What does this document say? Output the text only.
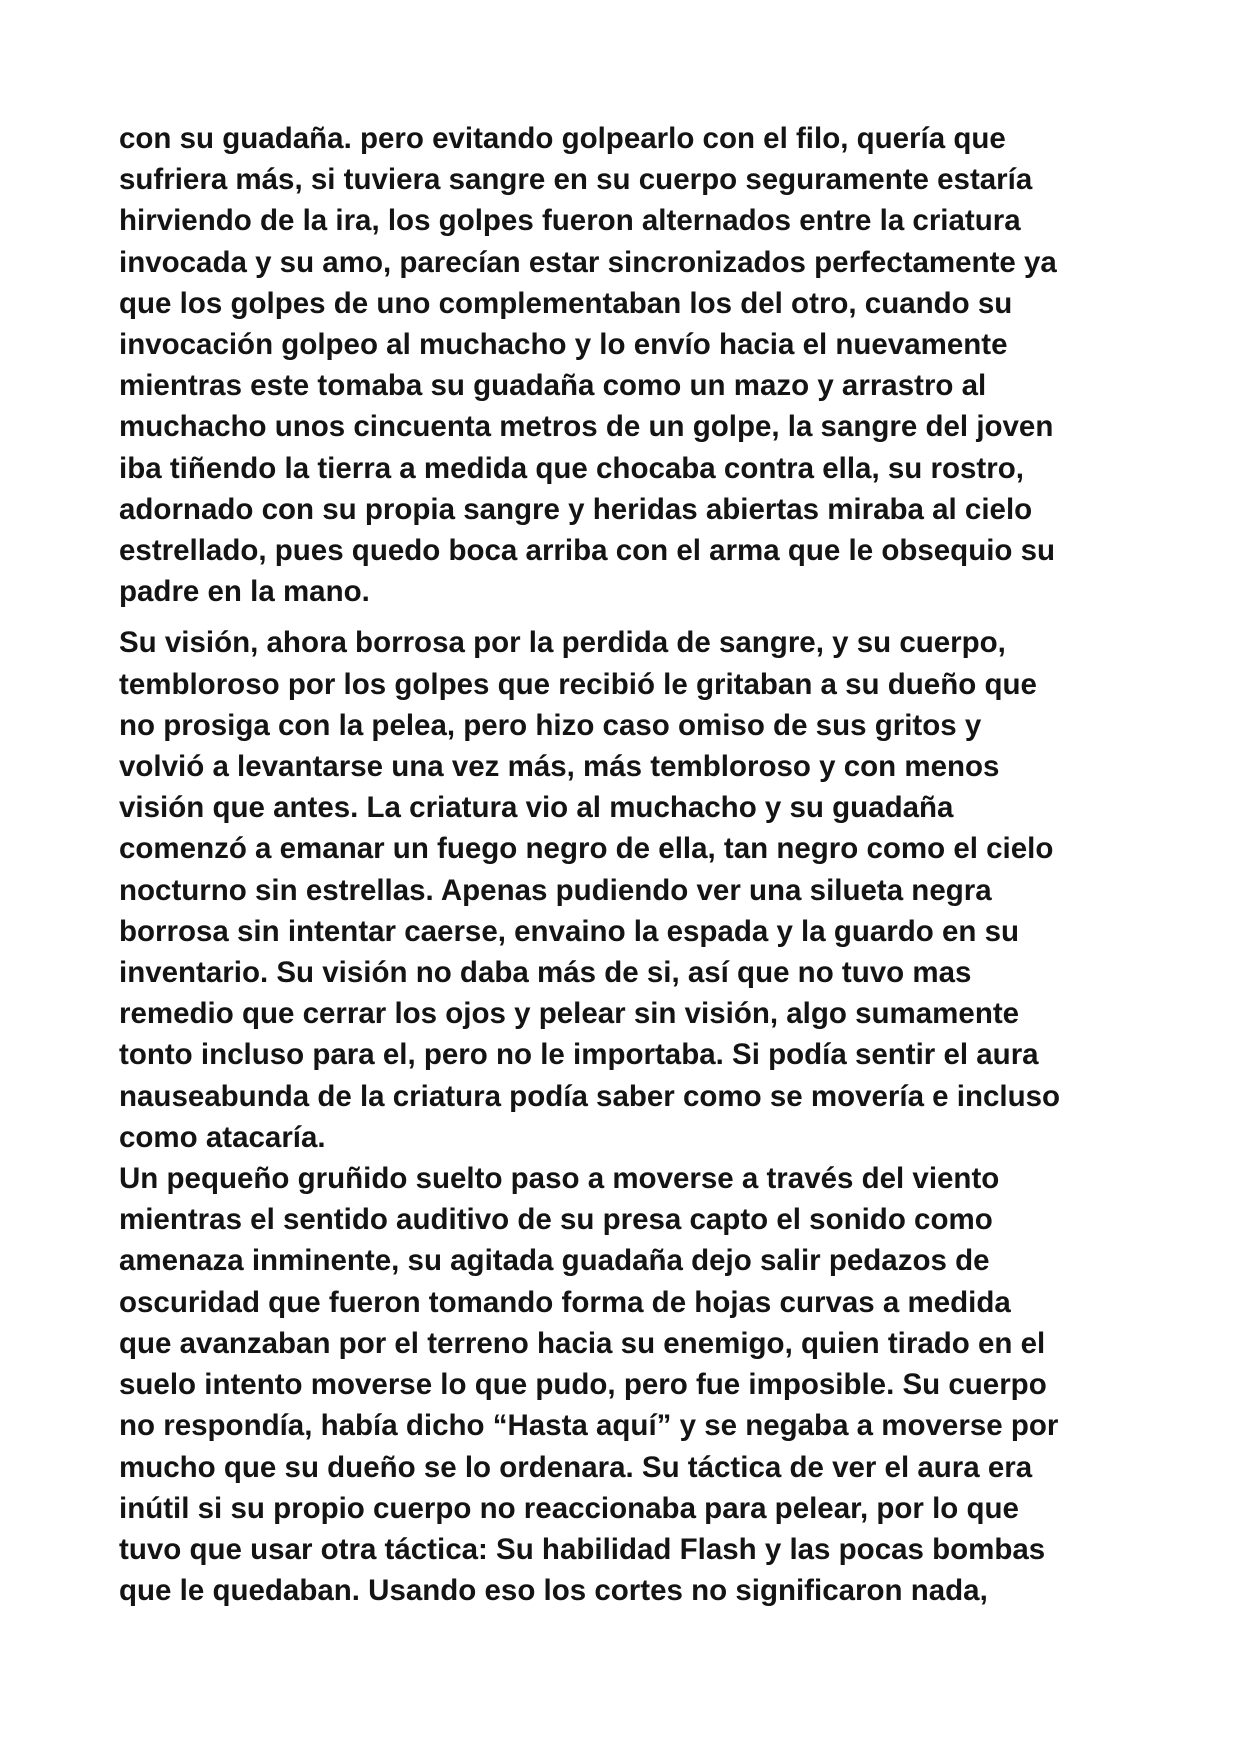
con su guadaña. pero evitando golpearlo con el filo, quería que
sufriera más, si tuviera sangre en su cuerpo seguramente estaría
hirviendo de la ira, los golpes fueron alternados entre la criatura
invocada y su amo, parecían estar sincronizados perfectamente ya
que los golpes de uno complementaban los del otro, cuando su
invocación golpeo al muchacho y lo envío hacia el nuevamente
mientras este tomaba su guadaña como un mazo y arrastro al
muchacho unos cincuenta metros de un golpe, la sangre del joven
iba tiñendo la tierra a medida que chocaba contra ella, su rostro,
adornado con su propia sangre y heridas abiertas miraba al cielo
estrellado, pues quedo boca arriba con el arma que le obsequio su
padre en la mano.

Su visión, ahora borrosa por la perdida de sangre, y su cuerpo,
tembloroso por los golpes que recibió le gritaban a su dueño que
no prosiga con la pelea, pero hizo caso omiso de sus gritos y
volvió a levantarse una vez más, más tembloroso y con menos
visión que antes. La criatura vio al muchacho y su guadaña
comenzó a emanar un fuego negro de ella, tan negro como el cielo
nocturno sin estrellas. Apenas pudiendo ver una silueta negra
borrosa sin intentar caerse, envaino la espada y la guardo en su
inventario. Su visión no daba más de si, así que no tuvo mas
remedio que cerrar los ojos y pelear sin visión, algo sumamente
tonto incluso para el, pero no le importaba. Si podía sentir el aura
nauseabunda de la criatura podía saber como se movería e incluso
como atacaría.

Un pequeño gruñido suelto paso a moverse a través del viento
mientras el sentido auditivo de su presa capto el sonido como
amenaza inminente, su agitada guadaña dejo salir pedazos de
oscuridad que fueron tomando forma de hojas curvas a medida
que avanzaban por el terreno hacia su enemigo, quien tirado en el
suelo intento moverse lo que pudo, pero fue imposible. Su cuerpo
no respondía, había dicho “Hasta aquí” y se negaba a moverse por
mucho que su dueño se lo ordenara. Su táctica de ver el aura era
inútil si su propio cuerpo no reaccionaba para pelear, por lo que
tuvo que usar otra táctica: Su habilidad Flash y las pocas bombas
que le quedaban. Usando eso los cortes no significaron nada,
